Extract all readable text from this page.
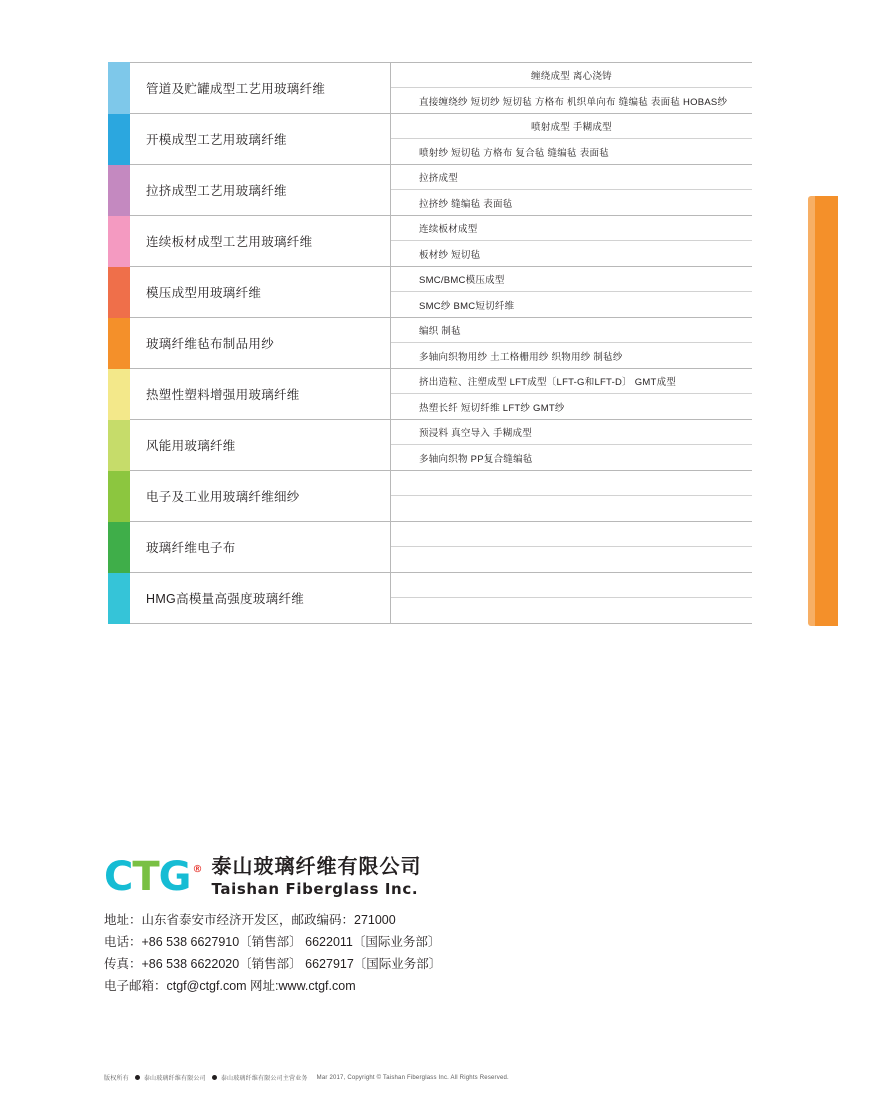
管道及贮罐成型工艺用玻璃纤维
缠绕成型 离心浇铸
直接缠绕纱 短切纱 短切毡 方格布 机织单向布 缝编毡 表面毡 HOBAS纱
开模成型工艺用玻璃纤维
喷射成型 手糊成型
喷射纱 短切毡 方格布 复合毡 缝编毡 表面毡
拉挤成型工艺用玻璃纤维
拉挤成型
拉挤纱 缝编毡 表面毡
连续板材成型工艺用玻璃纤维
连续板材成型
板材纱 短切毡
模压成型用玻璃纤维
SMC/BMC模压成型
SMC纱 BMC短切纤维
玻璃纤维毡布制品用纱
编织 制毡
多轴向织物用纱 土工格栅用纱 织物用纱 制毡纱
热塑性塑料增强用玻璃纤维
挤出造粒、注塑成型 LFT成型〔LFT-G和LFT-D〕 GMT成型
热塑长纤 短切纤维 LFT纱 GMT纱
风能用玻璃纤维
预浸料 真空导入 手糊成型
多轴向织物 PP复合缝编毡
电子及工业用玻璃纤维细纱
玻璃纤维电子布
HMG高模量高强度玻璃纤维
C T G ® 泰山玻璃纤维有限公司
Taishan Fiberglass Inc.
地址：山东省泰安市经济开发区，邮政编码：271000
电话：+86 538 6627910〔销售部〕 6622011〔国际业务部〕
传真：+86 538 6622020〔销售部〕 6627917〔国际业务部〕
电子邮箱：ctgf@ctgf.com 网址:www.ctgf.com
版权所有	泰山玻璃纤维有限公司	泰山玻璃纤维有限公司主营业务 Mar 2017, Copyright © Taishan Fiberglass Inc. All Rights Reserved.
